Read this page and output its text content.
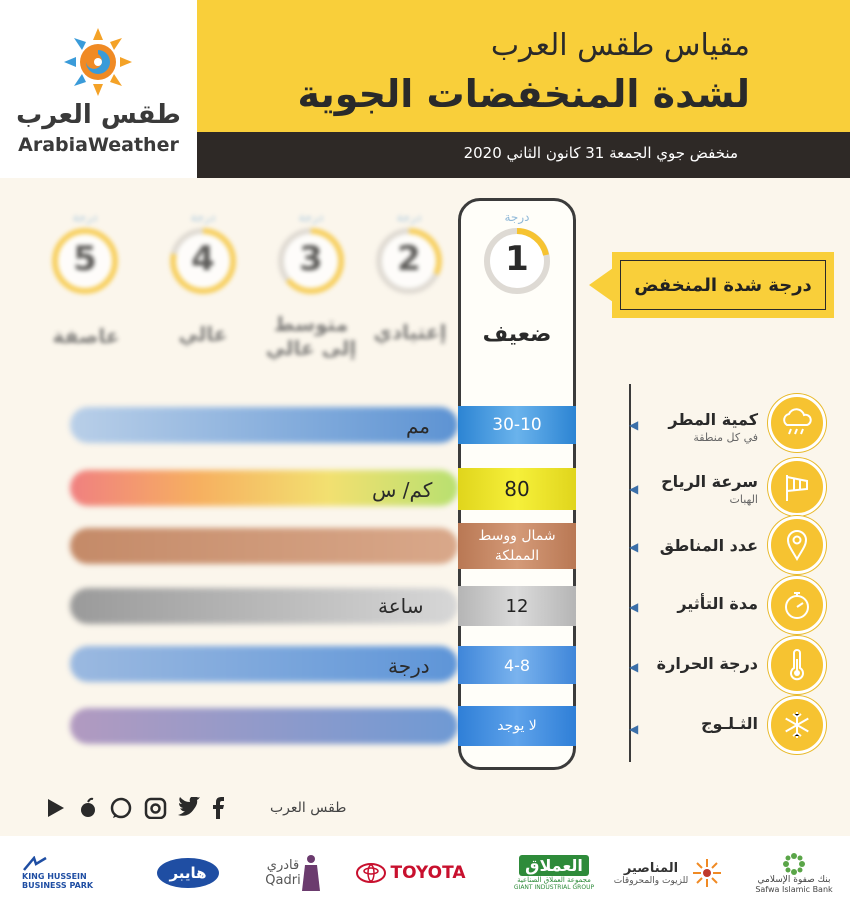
طقس العرب
ArabiaWeather
مقياس طقس العرب
لشدة المنخفضات الجوية
منخفض جوي الجمعة 31 كانون الثاني 2020
درجة
1
ضعيف
درجة
2
إعتيادي
درجة
3
متوسط
إلى عالي
درجة
4
عالي
درجة
5
عاصفة
درجة شدة المنخفض
مم
كم/ س
ساعة
درجة
30-10
80
شمال ووسط
المملكة
12
4-8
لا يوجد
◀ كمية المطر
في كل منطقة
◀ سرعة الرياح
الهبات
◀ عدد المناطق
◀ مدة التأثير
◀ درجة الحرارة
◀	الثـلـوج
طقس العرب
بنك صفوة الإسلامي
Safwa Islamic Bank
المناصير
للزيوت والمحروقات
العملاق
مجموعة العملاق الصناعية
GIANT INDUSTRIAL GROUP
TOYOTA
قادري
Qadri
هايبر
KING HUSSEIN
BUSINESS PARK
